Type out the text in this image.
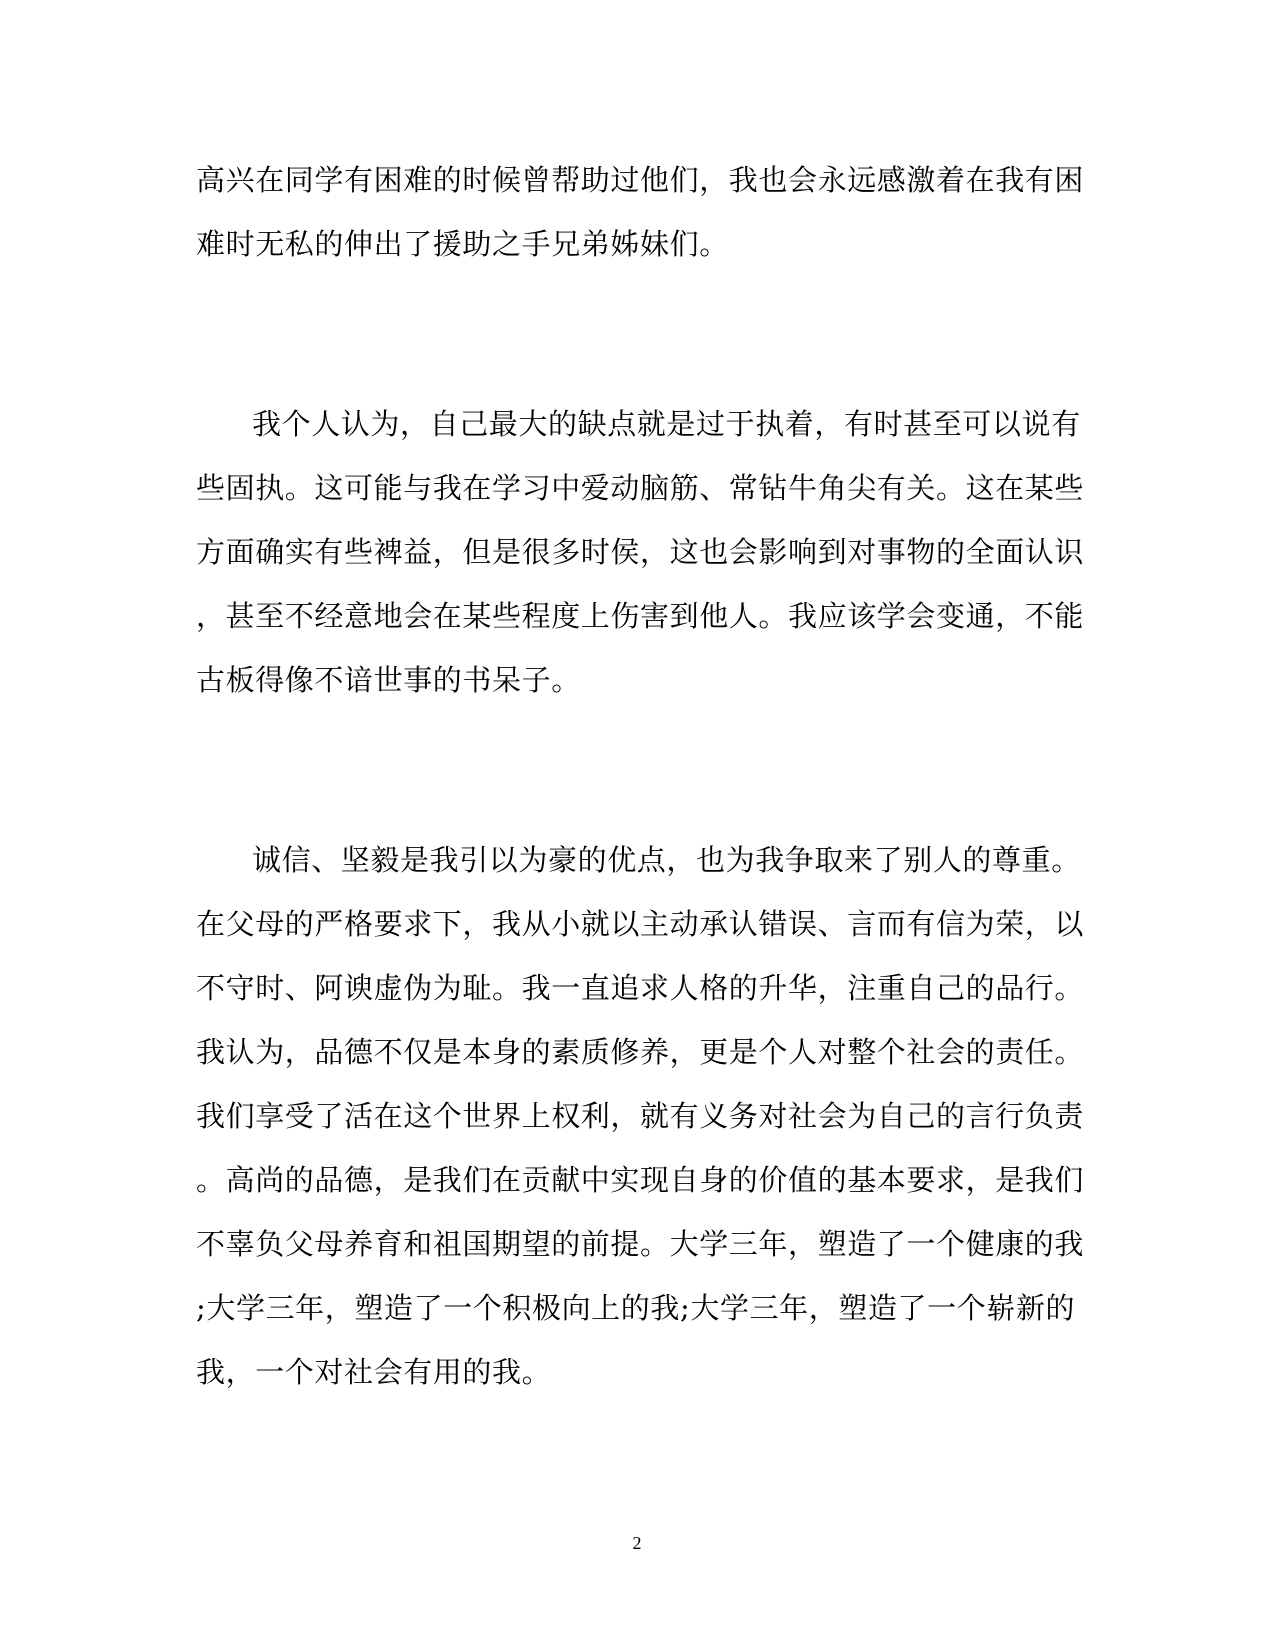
高兴在同学有困难的时候曾帮助过他们，我也会永远感激着在我有困

难时无私的伸出了援助之手兄弟姊妹们。

我个人认为，自己最大的缺点就是过于执着，有时甚至可以说有

些固执。这可能与我在学习中爱动脑筋、常钻牛角尖有关。这在某些

方面确实有些裨益，但是很多时侯，这也会影响到对事物的全面认识

，甚至不经意地会在某些程度上伤害到他人。我应该学会变通，不能

古板得像不谙世事的书呆子。

诚信、坚毅是我引以为豪的优点，也为我争取来了别人的尊重。

在父母的严格要求下，我从小就以主动承认错误、言而有信为荣，以

不守时、阿谀虚伪为耻。我一直追求人格的升华，注重自己的品行。

我认为，品德不仅是本身的素质修养，更是个人对整个社会的责任。

我们享受了活在这个世界上权利，就有义务对社会为自己的言行负责

。高尚的品德，是我们在贡献中实现自身的价值的基本要求，是我们

不辜负父母养育和祖国期望的前提。大学三年，塑造了一个健康的我

;大学三年，塑造了一个积极向上的我;大学三年，塑造了一个崭新的

我，一个对社会有用的我。

2
